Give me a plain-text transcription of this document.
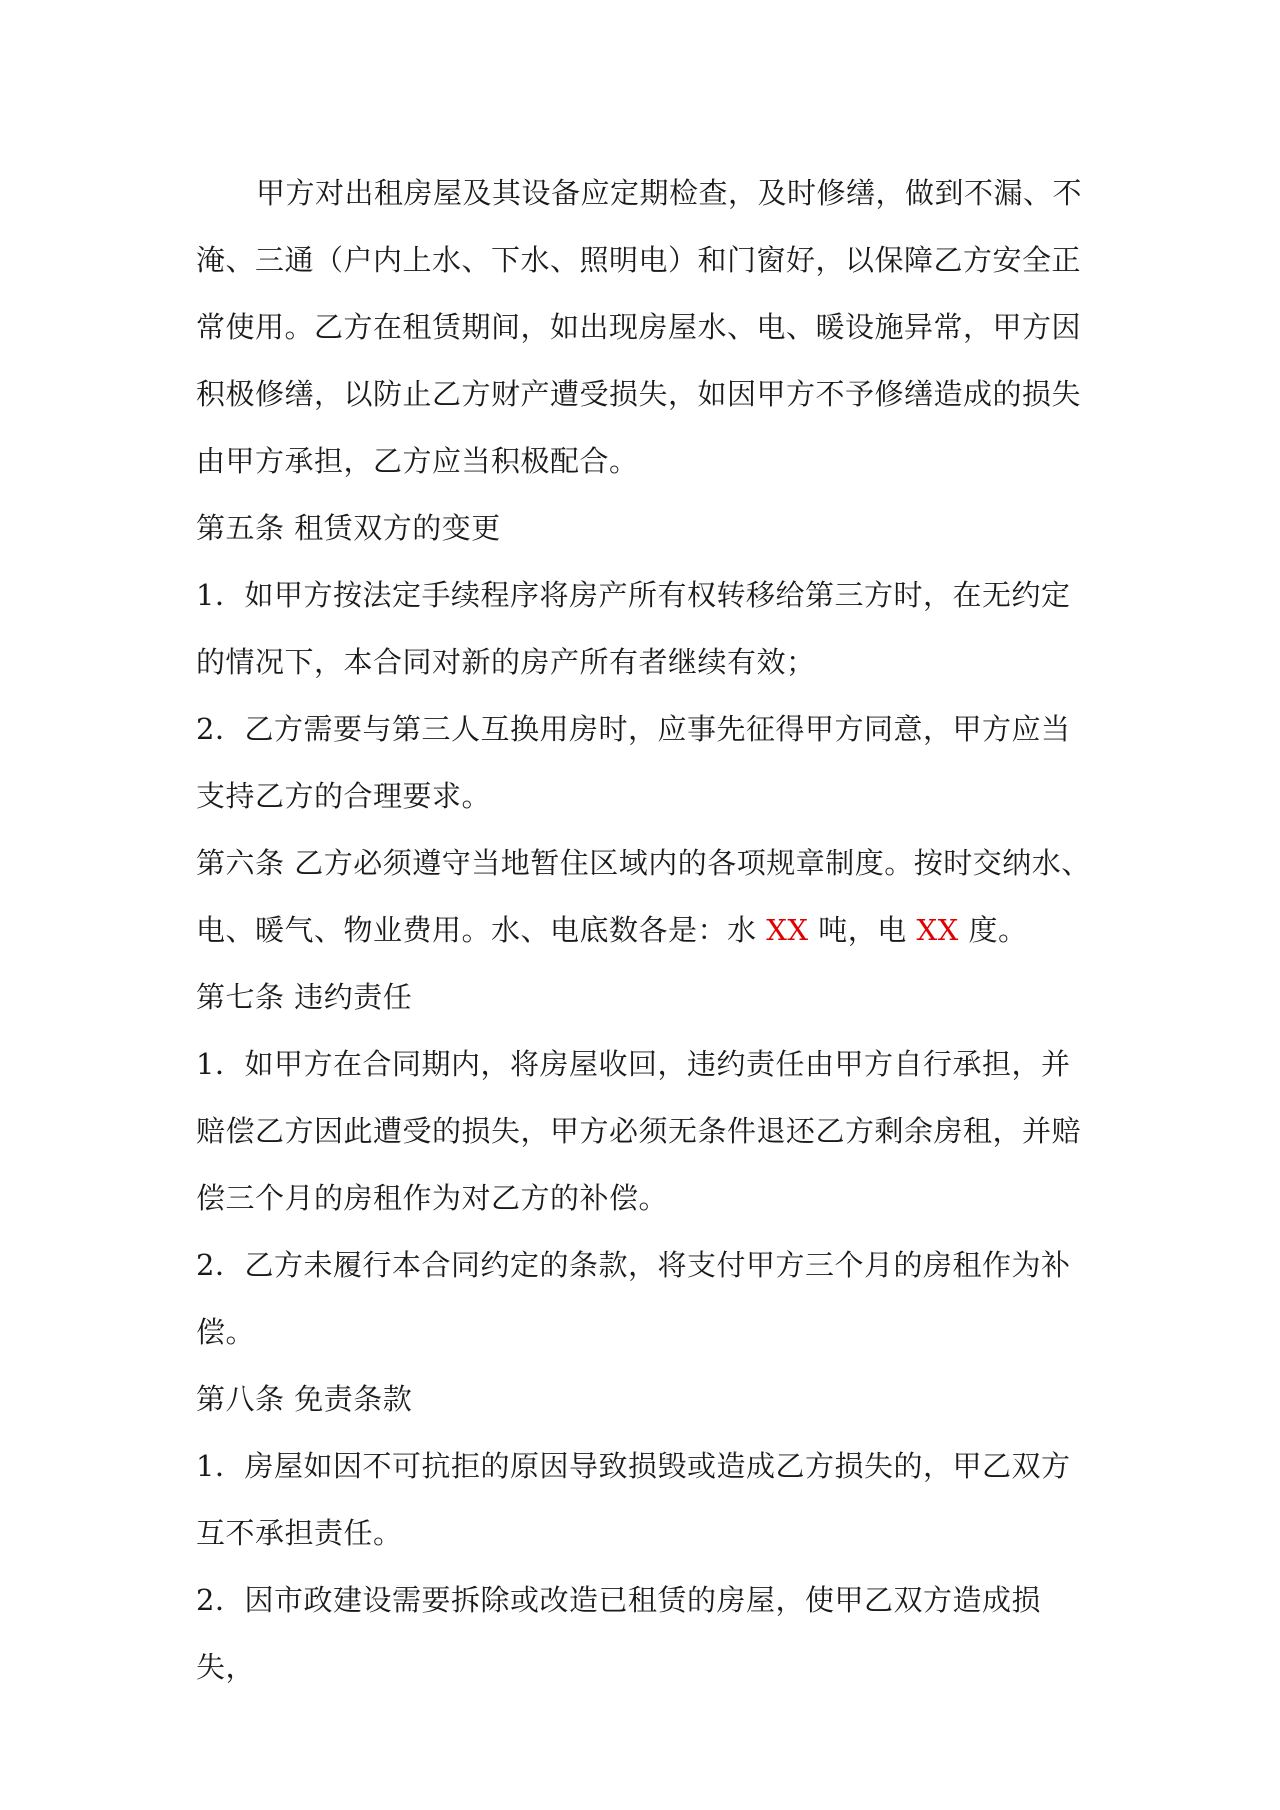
甲方对出租房屋及其设备应定期检查，及时修缮，做到不漏、不淹、三通（户内上水、下水、照明电）和门窗好，以保障乙方安全正常使用。乙方在租赁期间，如出现房屋水、电、暖设施异常，甲方因积极修缮，以防止乙方财产遭受损失，如因甲方不予修缮造成的损失由甲方承担，乙方应当积极配合。

第五条 租赁双方的变更

1．如甲方按法定手续程序将房产所有权转移给第三方时，在无约定的情况下，本合同对新的房产所有者继续有效；

2．乙方需要与第三人互换用房时，应事先征得甲方同意，甲方应当支持乙方的合理要求。

第六条 乙方必须遵守当地暂住区域内的各项规章制度。按时交纳水、电、暖气、物业费用。水、电底数各是：水 XX 吨，电 XX 度。

第七条 违约责任

1．如甲方在合同期内，将房屋收回，违约责任由甲方自行承担，并赔偿乙方因此遭受的损失，甲方必须无条件退还乙方剩余房租，并赔偿三个月的房租作为对乙方的补偿。

2．乙方未履行本合同约定的条款，将支付甲方三个月的房租作为补偿。

第八条 免责条款

1．房屋如因不可抗拒的原因导致损毁或造成乙方损失的，甲乙双方互不承担责任。

2．因市政建设需要拆除或改造已租赁的房屋，使甲乙双方造成损失，
